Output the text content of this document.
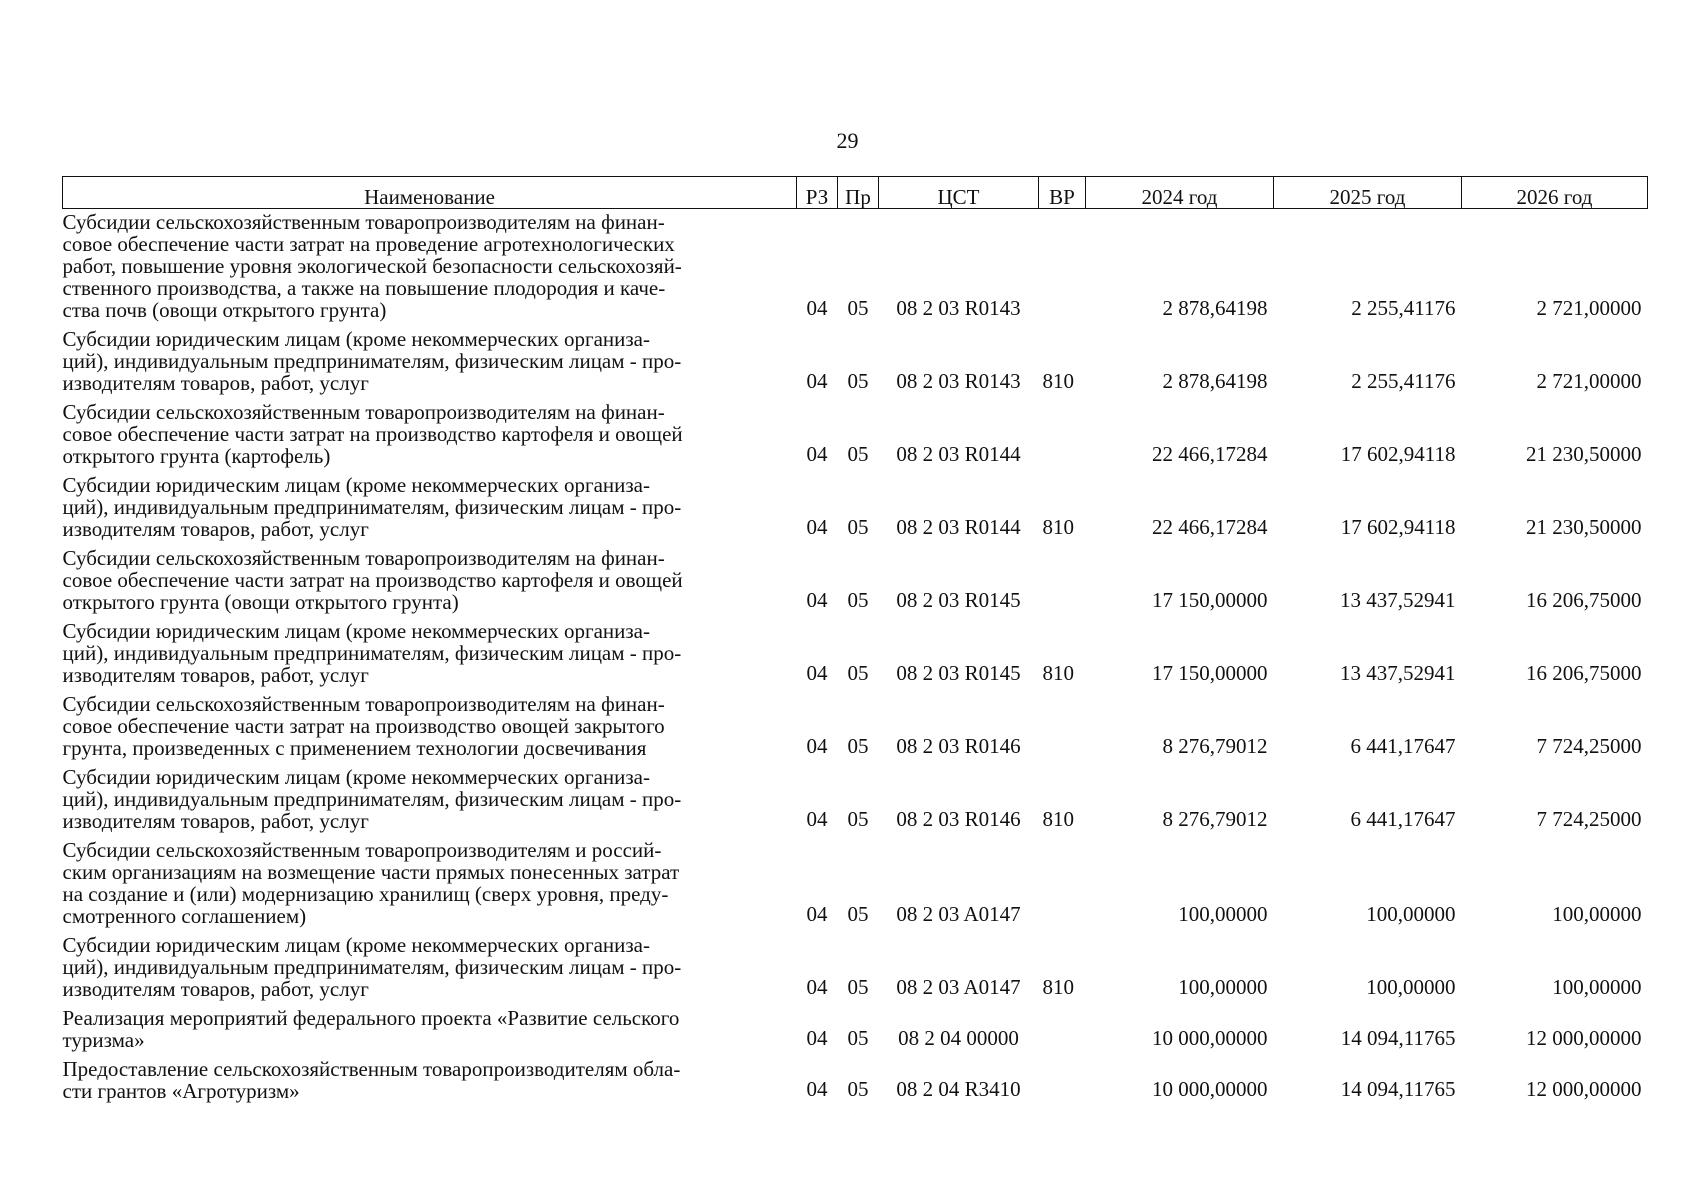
29
Наименование	РЗ	Пр	ЦСТ	ВР	2024 год	2025 год	2026 год
Субсидии сельскохозяйственным товаропроизводителям на финан-
совое обеспечение части затрат на проведение агротехнологических
работ, повышение уровня экологической безопасности сельскохозяй-
ственного производства, а также на повышение плодородия и каче-
ства почв (овощи открытого грунта)	04	05	08 2 03 R0143		2 878,64198	2 255,41176	2 721,00000
Субсидии юридическим лицам (кроме некоммерческих организа-
ций), индивидуальным предпринимателям, физическим лицам - про-
изводителям товаров, работ, услуг	04	05	08 2 03 R0143	810	2 878,64198	2 255,41176	2 721,00000
Субсидии сельскохозяйственным товаропроизводителям на финан-
совое обеспечение части затрат на производство картофеля и овощей
открытого грунта (картофель)	04	05	08 2 03 R0144		22 466,17284	17 602,94118	21 230,50000
Субсидии юридическим лицам (кроме некоммерческих организа-
ций), индивидуальным предпринимателям, физическим лицам - про-
изводителям товаров, работ, услуг	04	05	08 2 03 R0144	810	22 466,17284	17 602,94118	21 230,50000
Субсидии сельскохозяйственным товаропроизводителям на финан-
совое обеспечение части затрат на производство картофеля и овощей
открытого грунта (овощи открытого грунта)	04	05	08 2 03 R0145		17 150,00000	13 437,52941	16 206,75000
Субсидии юридическим лицам (кроме некоммерческих организа-
ций), индивидуальным предпринимателям, физическим лицам - про-
изводителям товаров, работ, услуг	04	05	08 2 03 R0145	810	17 150,00000	13 437,52941	16 206,75000
Субсидии сельскохозяйственным товаропроизводителям на финан-
совое обеспечение части затрат на производство овощей закрытого
грунта, произведенных с применением технологии досвечивания	04	05	08 2 03 R0146		8 276,79012	6 441,17647	7 724,25000
Субсидии юридическим лицам (кроме некоммерческих организа-
ций), индивидуальным предпринимателям, физическим лицам - про-
изводителям товаров, работ, услуг	04	05	08 2 03 R0146	810	8 276,79012	6 441,17647	7 724,25000
Субсидии сельскохозяйственным товаропроизводителям и россий-
ским организациям на возмещение части прямых понесенных затрат
на создание и (или) модернизацию хранилищ (сверх уровня, преду-
смотренного соглашением)	04	05	08 2 03 A0147		100,00000	100,00000	100,00000
Субсидии юридическим лицам (кроме некоммерческих организа-
ций), индивидуальным предпринимателям, физическим лицам - про-
изводителям товаров, работ, услуг	04	05	08 2 03 A0147	810	100,00000	100,00000	100,00000
Реализация мероприятий федерального проекта «Развитие сельского
туризма»	04	05	08 2 04 00000		10 000,00000	14 094,11765	12 000,00000
Предоставление сельскохозяйственным товаропроизводителям обла-
сти грантов «Агротуризм»	04	05	08 2 04 R3410		10 000,00000	14 094,11765	12 000,00000
